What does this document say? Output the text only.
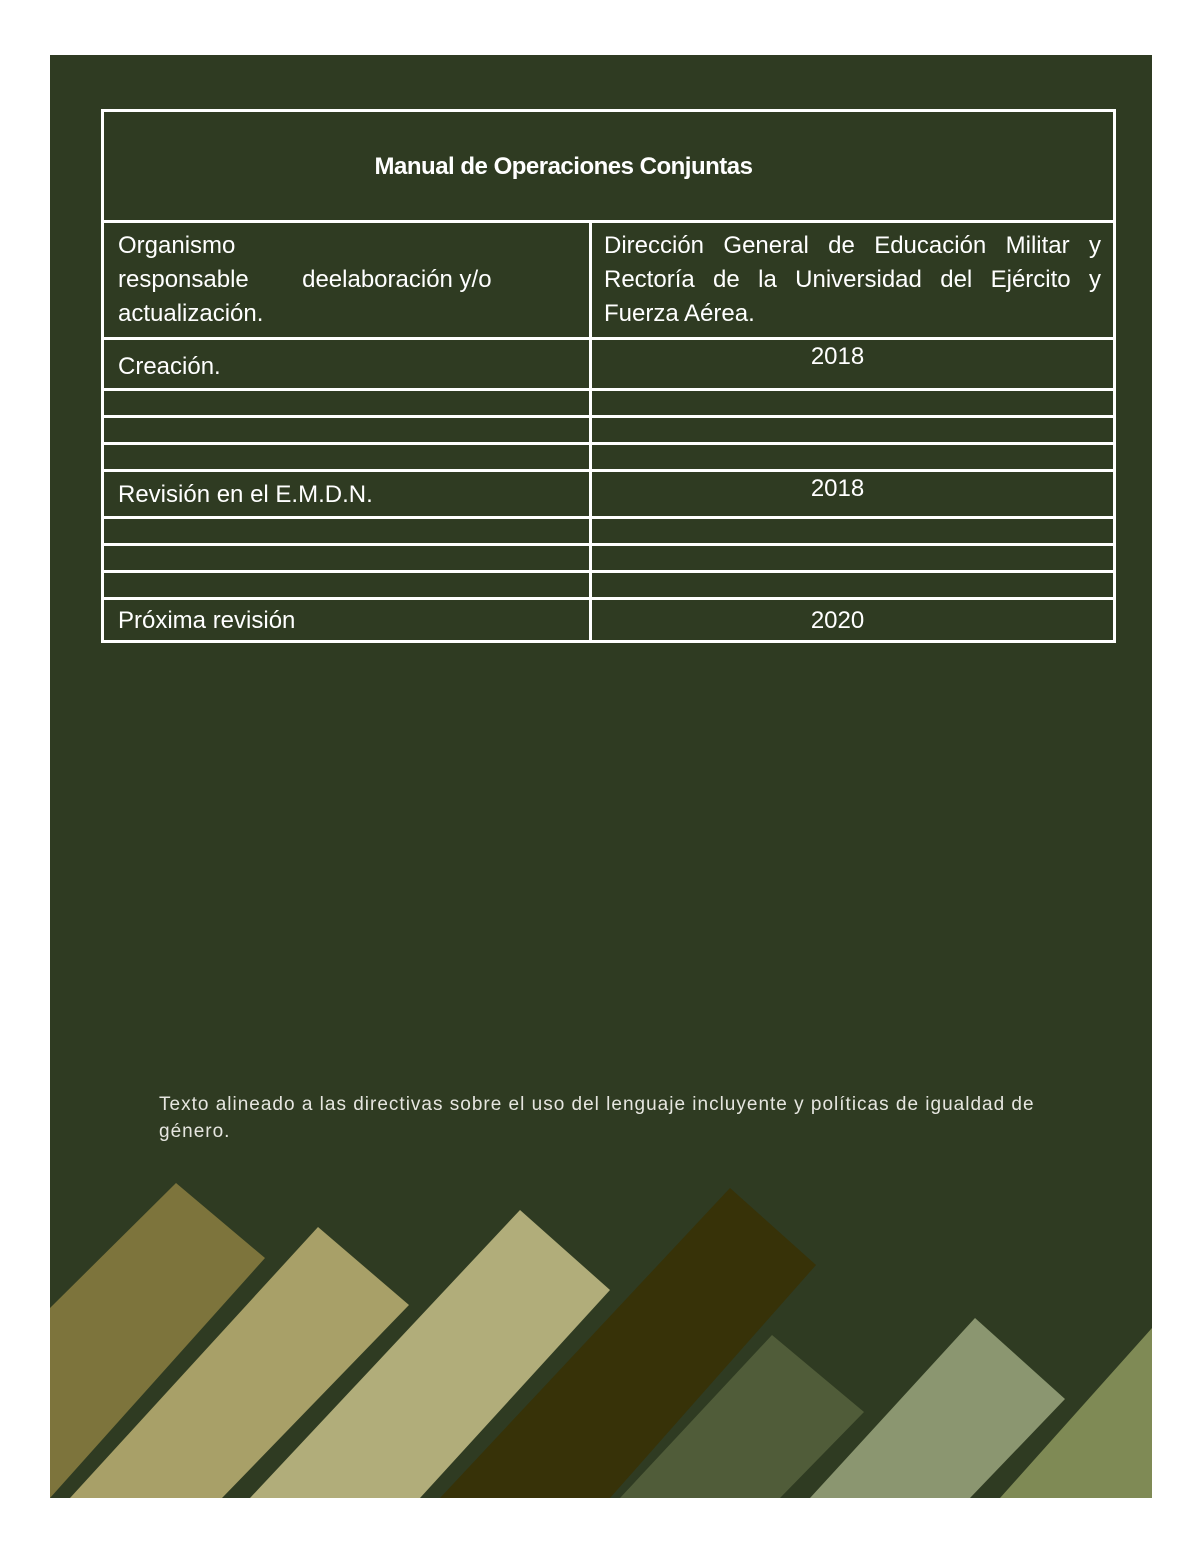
Manual de Operaciones Conjuntas	

Organismo
responsable        deelaboración y/o
actualización.	Dirección General de Educación Militar y Rectoría de la Universidad del Ejército y Fuerza Aérea.
Creación.	2018

Revisión en el E.M.D.N.	2018

Próxima revisión	2020
Texto alineado a las directivas sobre el uso del lenguaje incluyente y políticas de igualdad de género.
